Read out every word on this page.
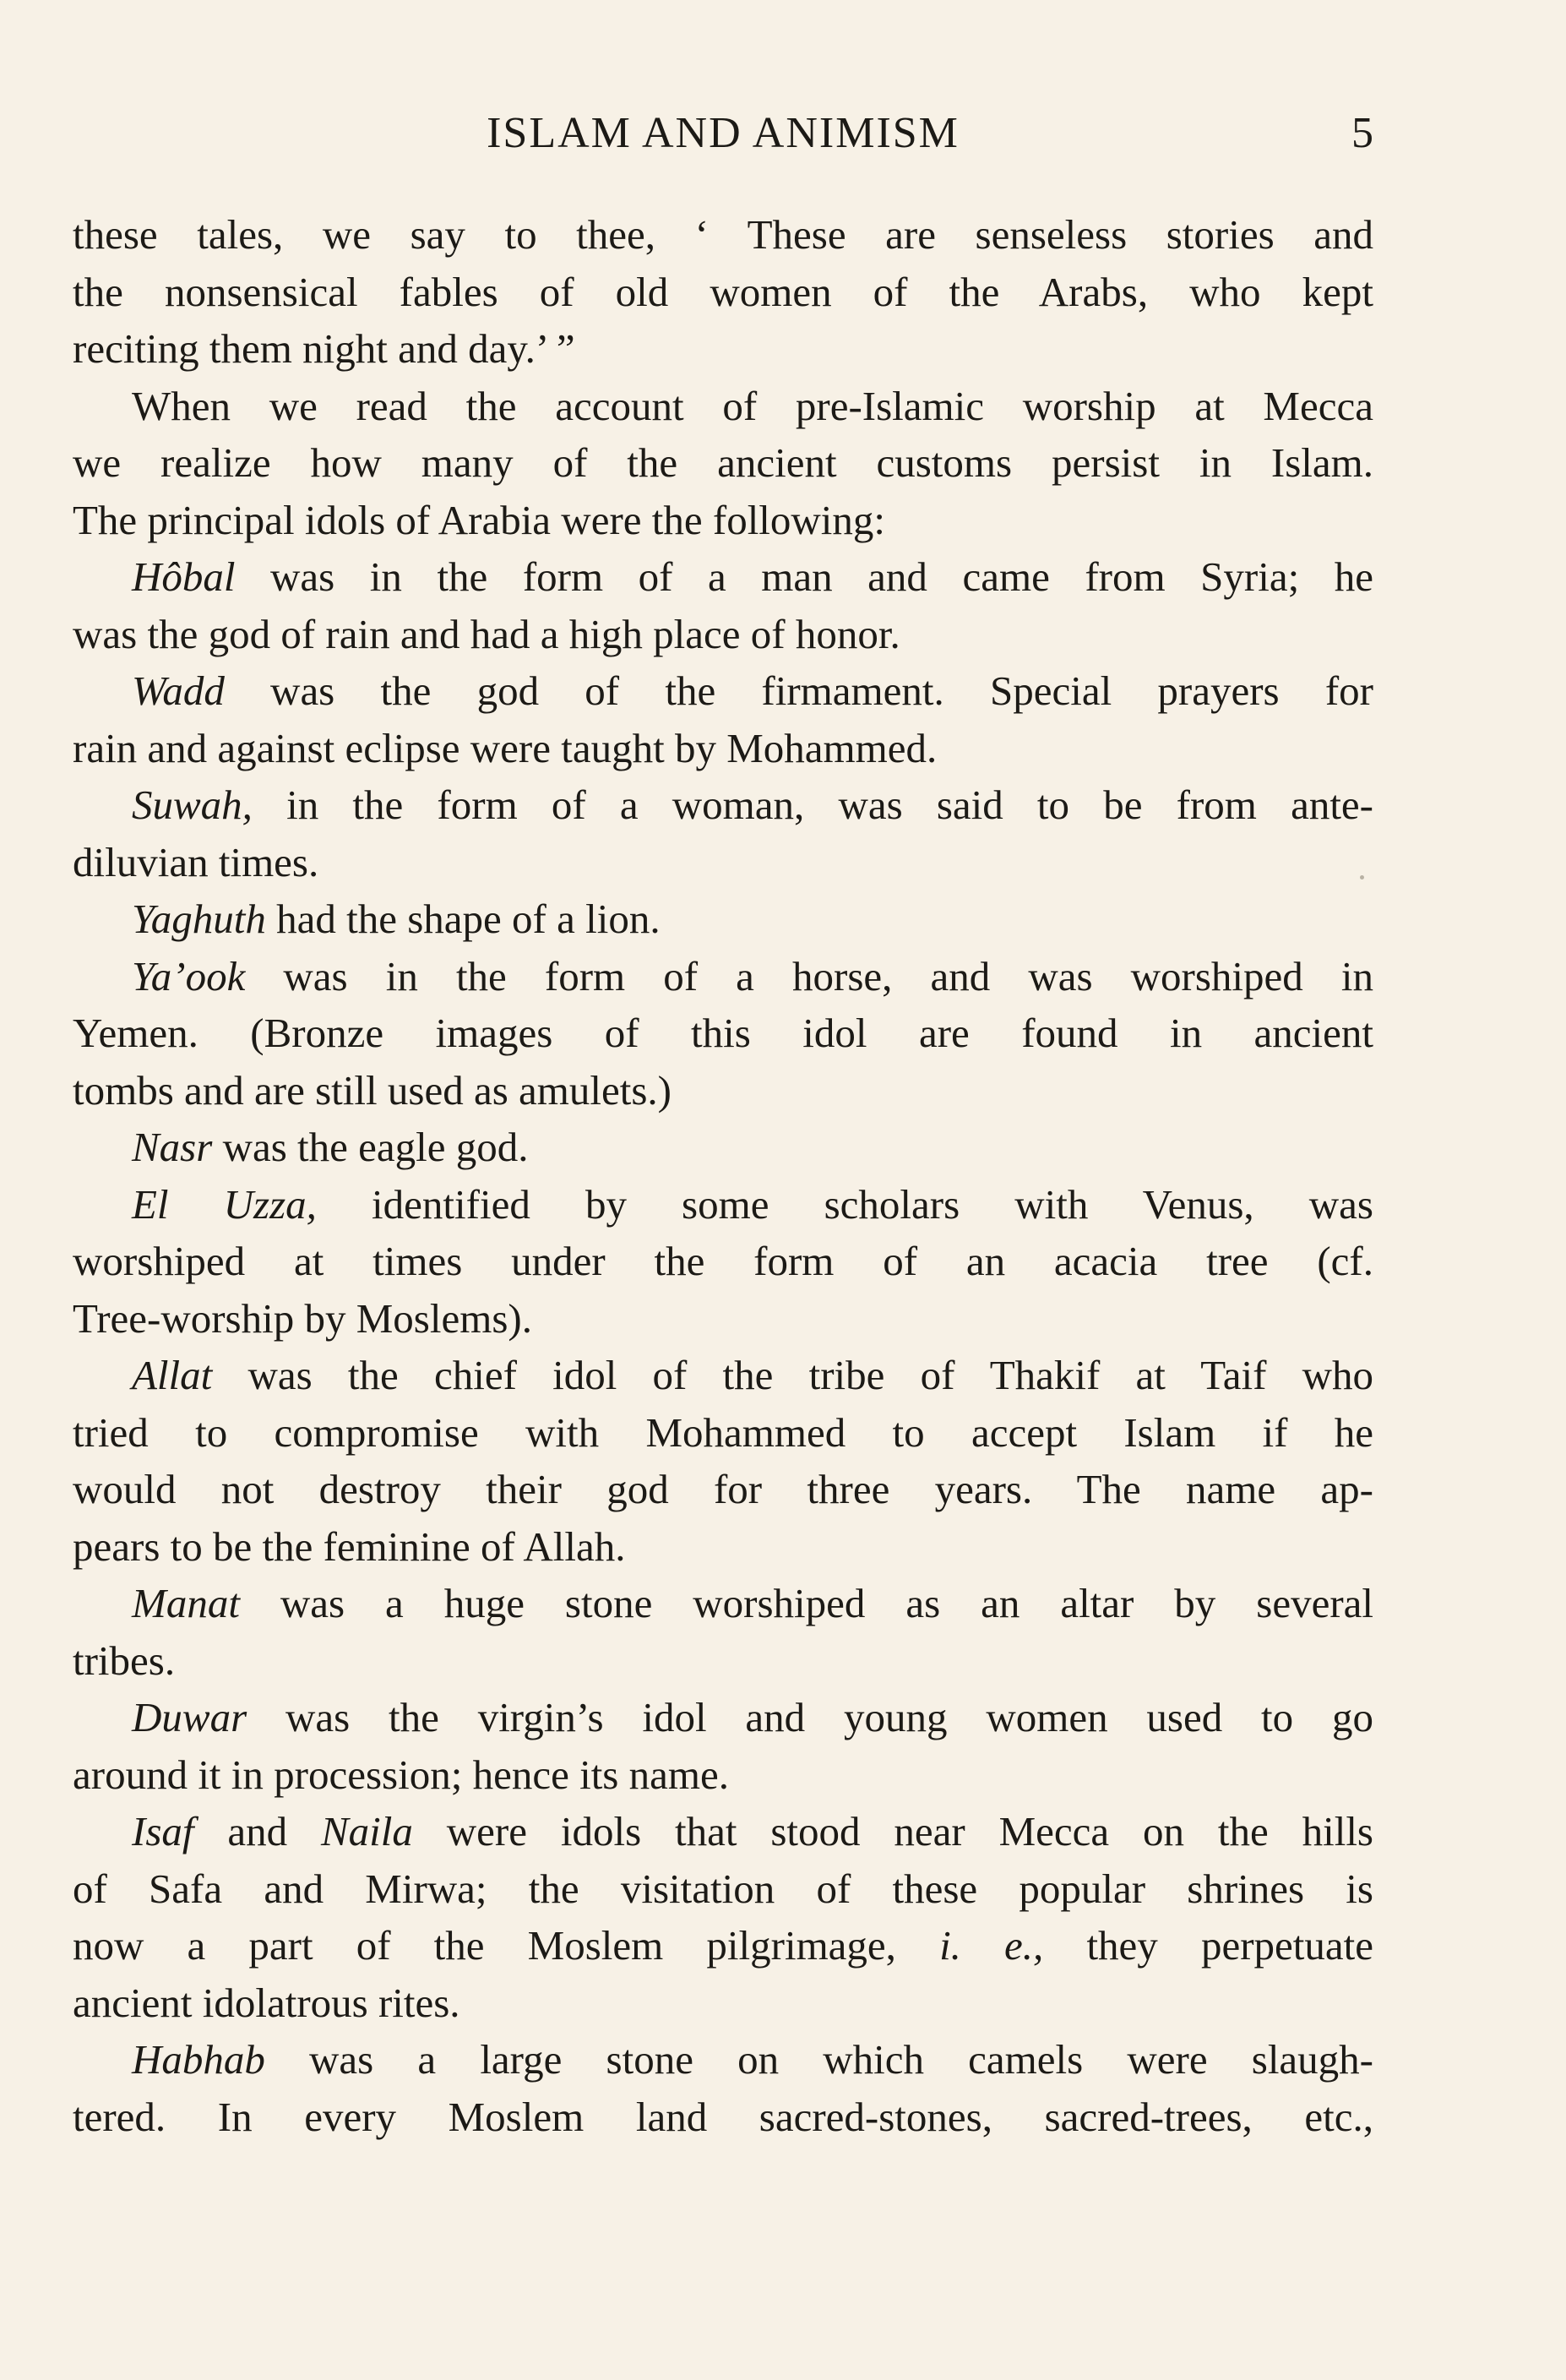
ISLAM AND ANIMISM	5
these tales, we say to thee, ‘ These are senseless stories and
the nonsensical fables of old women of the Arabs, who kept
reciting them night and day.’ ”
When we read the account of pre-Islamic worship at Mecca
we realize how many of the ancient customs persist in Islam.
The principal idols of Arabia were the following:
Hôbal was in the form of a man and came from Syria; he
was the god of rain and had a high place of honor.
Wadd was the god of the firmament. Special prayers for
rain and against eclipse were taught by Mohammed.
Suwah, in the form of a woman, was said to be from ante-
diluvian times.
Yaghuth had the shape of a lion.
Ya’ook was in the form of a horse, and was worshiped in
Yemen. (Bronze images of this idol are found in ancient
tombs and are still used as amulets.)
Nasr was the eagle god.
El Uzza, identified by some scholars with Venus, was
worshiped at times under the form of an acacia tree (cf.
Tree-worship by Moslems).
Allat was the chief idol of the tribe of Thakif at Taif who
tried to compromise with Mohammed to accept Islam if he
would not destroy their god for three years. The name ap-
pears to be the feminine of Allah.
Manat was a huge stone worshiped as an altar by several
tribes.
Duwar was the virgin’s idol and young women used to go
around it in procession; hence its name.
Isaf and Naila were idols that stood near Mecca on the hills
of Safa and Mirwa; the visitation of these popular shrines is
now a part of the Moslem pilgrimage, i. e., they perpetuate
ancient idolatrous rites.
Habhab was a large stone on which camels were slaugh-
tered. In every Moslem land sacred-stones, sacred-trees, etc.,
